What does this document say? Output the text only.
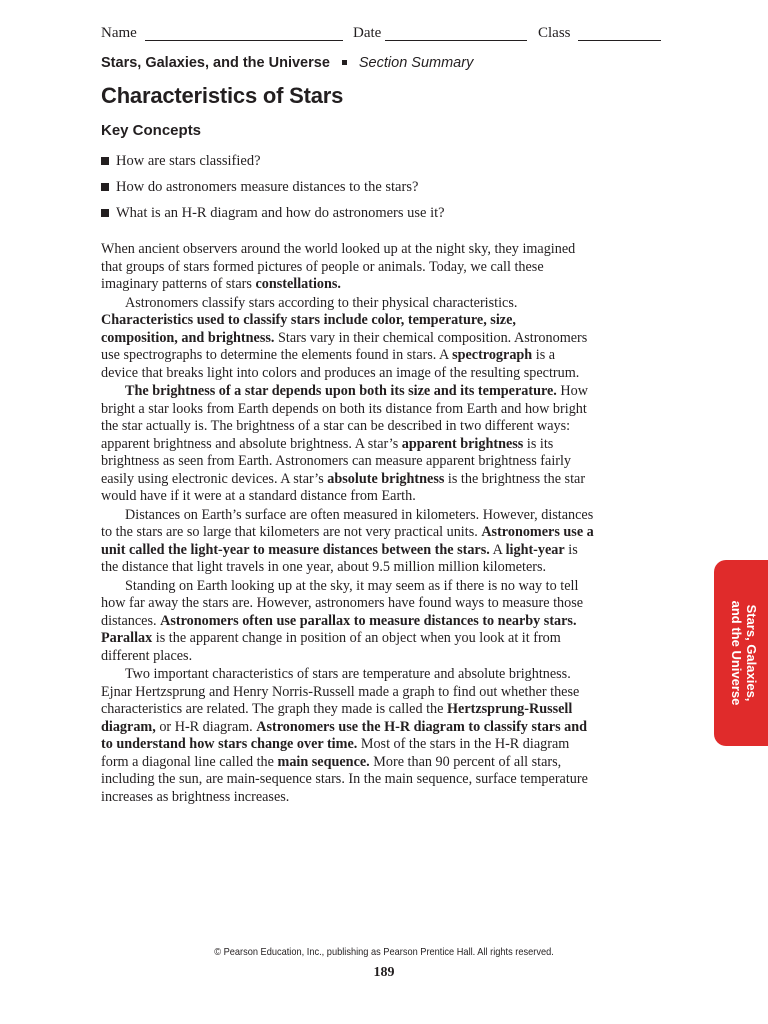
Name	Date	Class
Stars, Galaxies, and the Universe Section Summary
Characteristics of Stars
Key Concepts
How are stars classified?
How do astronomers measure distances to the stars?
What is an H-R diagram and how do astronomers use it?

When ancient observers around the world looked up at the night sky, they imagined that groups of stars formed pictures of people or animals. Today, we call these imaginary patterns of stars constellations.

Astronomers classify stars according to their physical characteristics. Characteristics used to classify stars include color, temperature, size, composition, and brightness. Stars vary in their chemical composition. Astronomers use spectrographs to determine the elements found in stars. A spectrograph is a device that breaks light into colors and produces an image of the resulting spectrum.

The brightness of a star depends upon both its size and its temperature. How bright a star looks from Earth depends on both its distance from Earth and how bright the star actually is. The brightness of a star can be described in two different ways: apparent brightness and absolute brightness. A star’s apparent brightness is its brightness as seen from Earth. Astronomers can measure apparent brightness fairly easily using electronic devices. A star’s absolute brightness is the brightness the star would have if it were at a standard distance from Earth.

Distances on Earth’s surface are often measured in kilometers. However, distances to the stars are so large that kilometers are not very practical units. Astronomers use a unit called the light-year to measure distances between the stars. A light-year is the distance that light travels in one year, about 9.5 million million kilometers.

Standing on Earth looking up at the sky, it may seem as if there is no way to tell how far away the stars are. However, astronomers have found ways to measure those distances. Astronomers often use parallax to measure distances to nearby stars. Parallax is the apparent change in position of an object when you look at it from different places.

Two important characteristics of stars are temperature and absolute brightness. Ejnar Hertzsprung and Henry Norris-Russell made a graph to find out whether these characteristics are related. The graph they made is called the Hertzsprung-Russell diagram, or H-R diagram. Astronomers use the H-R diagram to classify stars and to understand how stars change over time. Most of the stars in the H-R diagram form a diagonal line called the main sequence. More than 90 percent of all stars, including the sun, are main-sequence stars. In the main sequence, surface temperature increases as brightness increases.

Stars, Galaxies,
and the Universe
© Pearson Education, Inc., publishing as Pearson Prentice Hall. All rights reserved.
189
